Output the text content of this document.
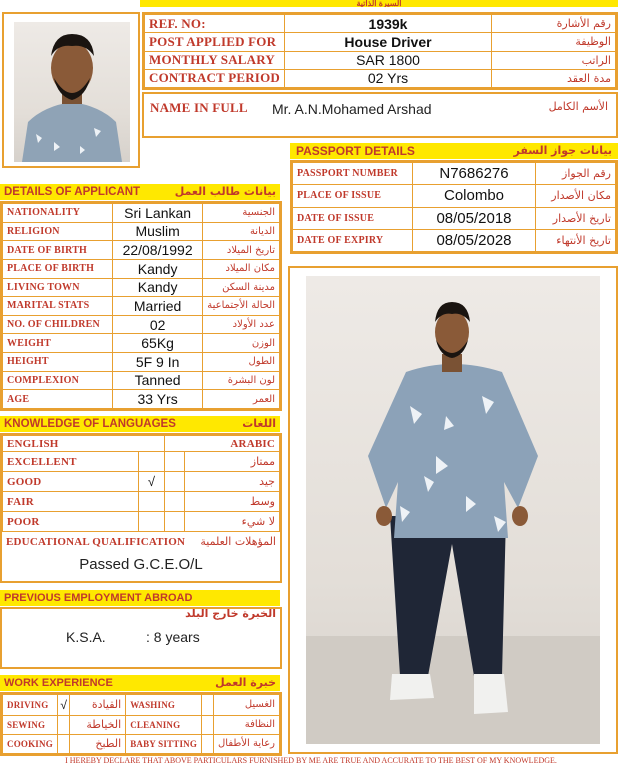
ﺍﻟﺴﻴﺮﺓ ﺍﻟﺬﺍﺗﻴﺔ
REF. NO:	1939k	رقم الأشارة
POST APPLIED FOR	House Driver	الوظيفة
MONTHLY SALARY	SAR 1800	الراتب
CONTRACT PERIOD	02 Yrs	مدة العقد
NAME IN FULL Mr. A.N.Mohamed Arshad	الأسم الكامل
PASSPORT DETAILS	بيانات جواز السفر
PASSPORT NUMBER	N7686276	رقم الجواز
PLACE OF ISSUE	Colombo	مكان الأصدار
DATE OF ISSUE	08/05/2018	تاريخ الأصدار
DATE OF EXPIRY	08/05/2028	تاريخ الأنتهاء
DETAILS OF APPLICANT	بيانات طالب العمل
NATIONALITY	Sri Lankan	الجنسية
RELIGION	Muslim	الديانة
DATE OF BIRTH	22/08/1992	تاريخ الميلاد
PLACE OF BIRTH	Kandy	مكان الميلاد
LIVING TOWN	Kandy	مدينة السكن
MARITAL STATS	Married	الحالة الأجتماعية
NO. OF CHILDREN	02	عدد الأولاد
WEIGHT	65Kg	الوزن
HEIGHT	5F 9 In	الطول
COMPLEXION	Tanned	لون البشرة
AGE	33 Yrs	العمر
KNOWLEDGE OF LANGUAGES	اللغات
ENGLISH		ARABIC	
EXCELLENT			ممتاز
GOOD	√		جيد
FAIR			وسط
POOR			لا شيء
EDUCATIONAL QUALIFICATION المؤهلات العلمية
Passed G.C.E.O/L
PREVIOUS EMPLOYMENT ABROAD
الخبرة خارج البلد
K.S.A.	: 8 years
WORK EXPERIENCE	خبرة العمل
DRIVING	√	القيادة	WASHING		الغسيل
SEWING		الخياطة	CLEANING		النظافة
COOKING		الطبخ	BABY SITTING		رعاية الأطفال
I HEREBY DECLARE THAT ABOVE PARTICULARS FURNISHED BY ME ARE TRUE AND ACCURATE TO THE BEST OF MY KNOWLEDGE.
